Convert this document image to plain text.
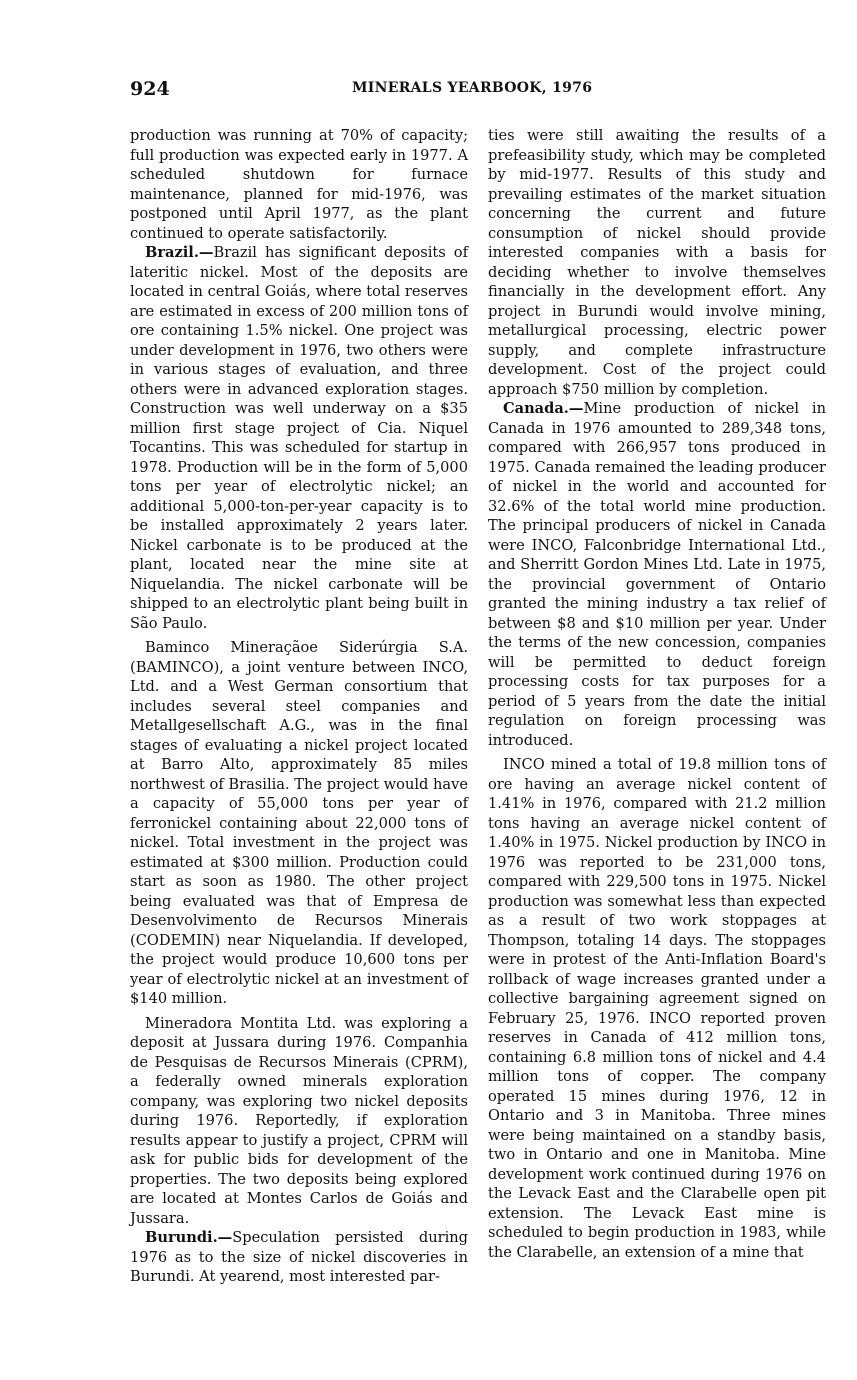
924	MINERALS YEARBOOK, 1976

production was running at 70% of capacity; full production was expected early in 1977. A scheduled shutdown for furnace maintenance, planned for mid-1976, was postponed until April 1977, as the plant continued to operate satisfactorily.

Brazil.—Brazil has significant deposits of lateritic nickel. Most of the deposits are located in central Goiás, where total reserves are estimated in excess of 200 million tons of ore containing 1.5% nickel. One project was under development in 1976, two others were in various stages of evaluation, and three others were in advanced exploration stages. Construction was well underway on a $35 million first stage project of Cia. Niquel Tocantins. This was scheduled for startup in 1978. Production will be in the form of 5,000 tons per year of electrolytic nickel; an additional 5,000-ton-per-year capacity is to be installed approximately 2 years later. Nickel carbonate is to be produced at the plant, located near the mine site at Niquelandia. The nickel carbonate will be shipped to an electrolytic plant being built in São Paulo.

Baminco Mineraçãoe Siderúrgia S.A. (BAMINCO), a joint venture between INCO, Ltd. and a West German consortium that includes several steel companies and Metallgesellschaft A.G., was in the final stages of evaluating a nickel project located at Barro Alto, approximately 85 miles northwest of Brasilia. The project would have a capacity of 55,000 tons per year of ferronickel containing about 22,000 tons of nickel. Total investment in the project was estimated at $300 million. Production could start as soon as 1980. The other project being evaluated was that of Empresa de Desenvolvimento de Recursos Minerais (CODEMIN) near Niquelandia. If developed, the project would produce 10,600 tons per year of electrolytic nickel at an investment of $140 million.

Mineradora Montita Ltd. was exploring a deposit at Jussara during 1976. Companhia de Pesquisas de Recursos Minerais (CPRM), a federally owned minerals exploration company, was exploring two nickel deposits during 1976. Reportedly, if exploration results appear to justify a project, CPRM will ask for public bids for development of the properties. The two deposits being explored are located at Montes Carlos de Goiás and Jussara.

Burundi.—Speculation persisted during 1976 as to the size of nickel discoveries in Burundi. At yearend, most interested par-

ties were still awaiting the results of a prefeasibility study, which may be completed by mid-1977. Results of this study and prevailing estimates of the market situation concerning the current and future consumption of nickel should provide interested companies with a basis for deciding whether to involve themselves financially in the development effort. Any project in Burundi would involve mining, metallurgical processing, electric power supply, and complete infrastructure development. Cost of the project could approach $750 million by completion.

Canada.—Mine production of nickel in Canada in 1976 amounted to 289,348 tons, compared with 266,957 tons produced in 1975. Canada remained the leading producer of nickel in the world and accounted for 32.6% of the total world mine production. The principal producers of nickel in Canada were INCO, Falconbridge International Ltd., and Sherritt Gordon Mines Ltd. Late in 1975, the provincial government of Ontario granted the mining industry a tax relief of between $8 and $10 million per year. Under the terms of the new concession, companies will be permitted to deduct foreign processing costs for tax purposes for a period of 5 years from the date the initial regulation on foreign processing was introduced.

INCO mined a total of 19.8 million tons of ore having an average nickel content of 1.41% in 1976, compared with 21.2 million tons having an average nickel content of 1.40% in 1975. Nickel production by INCO in 1976 was reported to be 231,000 tons, compared with 229,500 tons in 1975. Nickel production was somewhat less than expected as a result of two work stoppages at Thompson, totaling 14 days. The stoppages were in protest of the Anti-Inflation Board's rollback of wage increases granted under a collective bargaining agreement signed on February 25, 1976. INCO reported proven reserves in Canada of 412 million tons, containing 6.8 million tons of nickel and 4.4 million tons of copper. The company operated 15 mines during 1976, 12 in Ontario and 3 in Manitoba. Three mines were being maintained on a standby basis, two in Ontario and one in Manitoba. Mine development work continued during 1976 on the Levack East and the Clarabelle open pit extension. The Levack East mine is scheduled to begin production in 1983, while the Clarabelle, an extension of a mine that
